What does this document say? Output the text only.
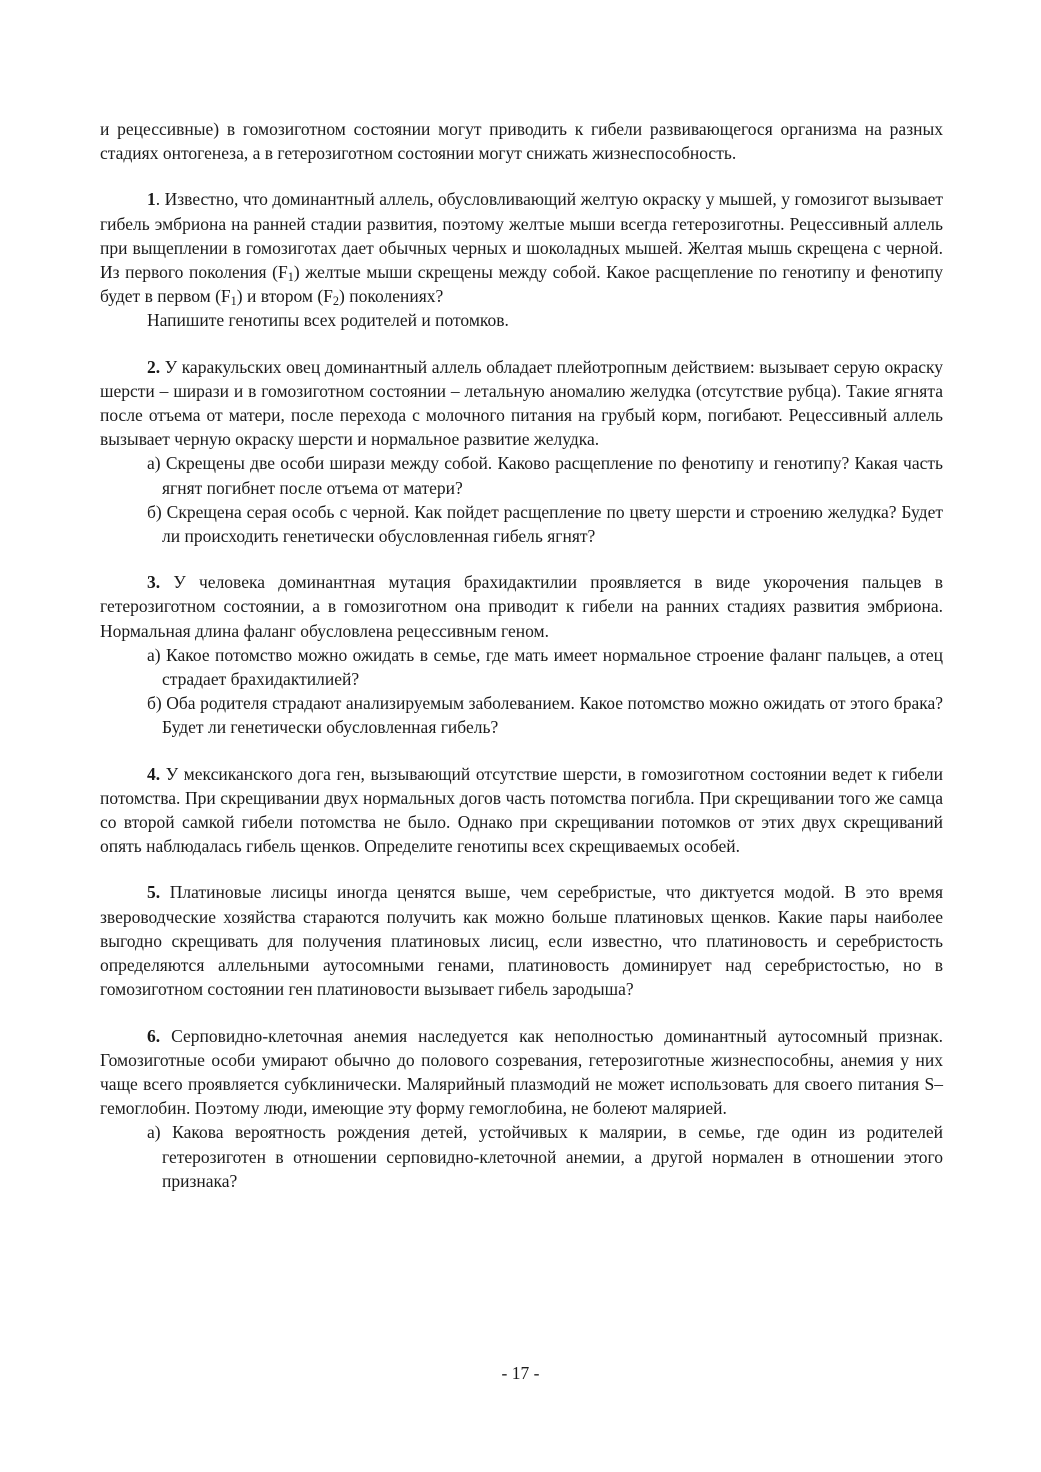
и рецессивные) в гомозиготном состоянии могут приводить к гибели развивающегося организма на разных стадиях онтогенеза, а в гетерозиготном состоянии могут снижать жизнеспособность.

1. Известно, что доминантный аллель, обусловливающий желтую окраску у мышей, у гомозигот вызывает гибель эмбриона на ранней стадии развития, поэтому желтые мыши всегда гетерозиготны. Рецессивный аллель при выщеплении в гомозиготах дает обычных черных и шоколадных мышей. Желтая мышь скрещена с черной. Из первого поколения $(F_1)$ желтые мыши скрещены между собой. Какое расщепление по генотипу и фенотипу будет в первом $(F_1)$ и втором $(F_2)$ поколениях?

Напишите генотипы всех родителей и потомков.

2. У каракульских овец доминантный аллель обладает плейотропным действием: вызывает серую окраску шерсти – ширази и в гомозиготном состоянии – летальную аномалию желудка (отсутствие рубца). Такие ягнята после отъема от матери, после перехода с молочного питания на грубый корм, погибают. Рецессивный аллель вызывает черную окраску шерсти и нормальное развитие желудка.

а) Скрещены две особи ширази между собой. Каково расщепление по фенотипу и генотипу? Какая часть ягнят погибнет после отъема от матери?

б) Скрещена серая особь с черной. Как пойдет расщепление по цвету шерсти и строению желудка? Будет ли происходить генетически обусловленная гибель ягнят?

3. У человека доминантная мутация брахидактилии проявляется в виде укорочения пальцев в гетерозиготном состоянии, а в гомозиготном она приводит к гибели на ранних стадиях развития эмбриона. Нормальная длина фаланг обусловлена рецессивным геном.

а) Какое потомство можно ожидать в семье, где мать имеет нормальное строение фаланг пальцев, а отец страдает брахидактилией?

б) Оба родителя страдают анализируемым заболеванием. Какое потомство можно ожидать от этого брака? Будет ли генетически обусловленная гибель?

4. У мексиканского дога ген, вызывающий отсутствие шерсти, в гомозиготном состоянии ведет к гибели потомства. При скрещивании двух нормальных догов часть потомства погибла. При скрещивании того же самца со второй самкой гибели потомства не было. Однако при скрещивании потомков от этих двух скрещиваний опять наблюдалась гибель щенков. Определите генотипы всех скрещиваемых особей.

5. Платиновые лисицы иногда ценятся выше, чем серебристые, что диктуется модой. В это время звероводческие хозяйства стараются получить как можно больше платиновых щенков. Какие пары наиболее выгодно скрещивать для получения платиновых лисиц, если известно, что платиновость и серебристость определяются аллельными аутосомными генами, платиновость доминирует над серебристостью, но в гомозиготном состоянии ген платиновости вызывает гибель зародыша?

6. Серповидно-клеточная анемия наследуется как неполностью доминантный аутосомный признак. Гомозиготные особи умирают обычно до полового созревания, гетерозиготные жизнеспособны, анемия у них чаще всего проявляется субклинически. Малярийный плазмодий не может использовать для своего питания S–гемоглобин. Поэтому люди, имеющие эту форму гемоглобина, не болеют малярией.

а) Какова вероятность рождения детей, устойчивых к малярии, в семье, где один из родителей гетерозиготен в отношении серповидно-клеточной анемии, а другой нормален в отношении этого признака?

- 17 -
